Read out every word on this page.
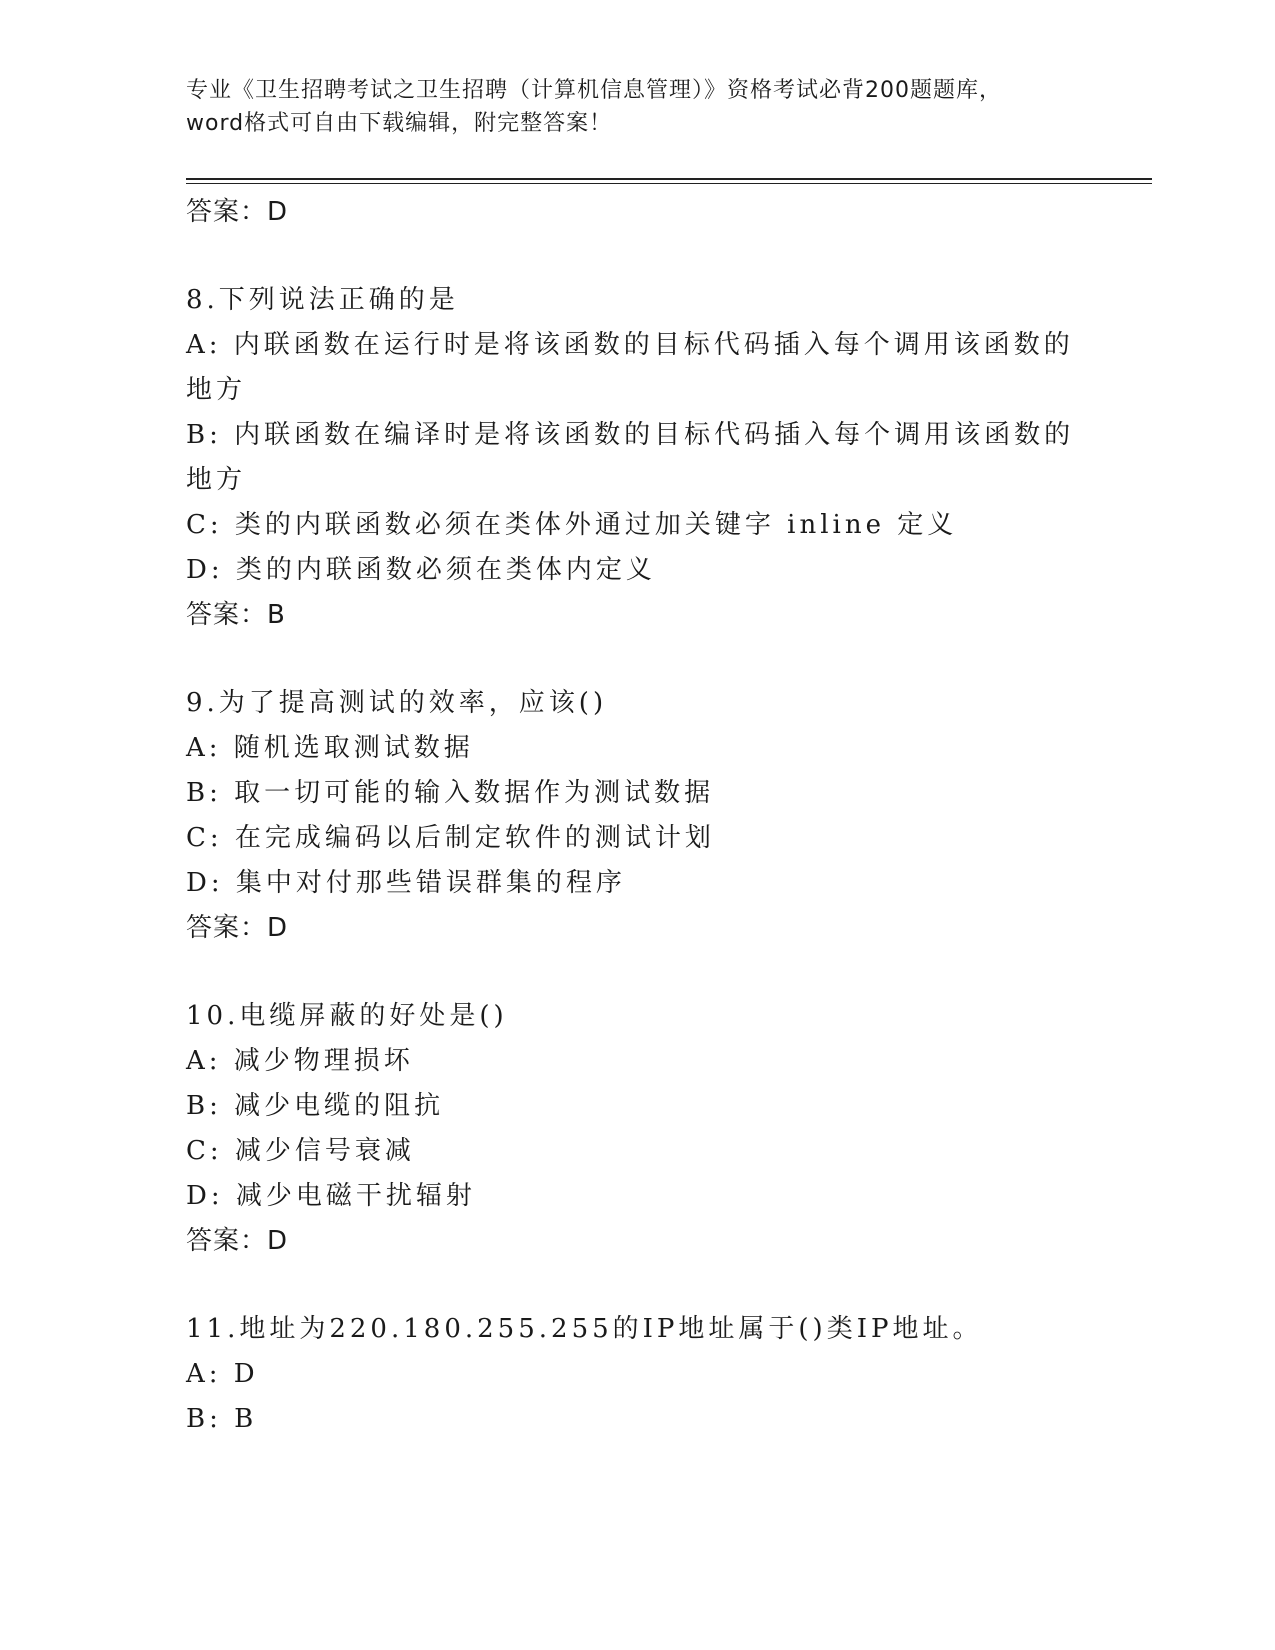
专业《卫生招聘考试之卫生招聘（计算机信息管理）》资格考试必背200题题库，
word格式可自由下载编辑，附完整答案！
答案：D
8.下列说法正确的是
A: 内联函数在运行时是将该函数的目标代码插入每个调用该函数的地方
B: 内联函数在编译时是将该函数的目标代码插入每个调用该函数的地方
C: 类的内联函数必须在类体外通过加关键字 inline 定义
D: 类的内联函数必须在类体内定义
答案：B
9.为了提高测试的效率，应该()
A: 随机选取测试数据
B: 取一切可能的输入数据作为测试数据
C: 在完成编码以后制定软件的测试计划
D: 集中对付那些错误群集的程序
答案：D
10.电缆屏蔽的好处是()
A: 减少物理损坏
B: 减少电缆的阻抗
C: 减少信号衰减
D: 减少电磁干扰辐射
答案：D
11.地址为220.180.255.255的IP地址属于()类IP地址。
A: D
B: B
